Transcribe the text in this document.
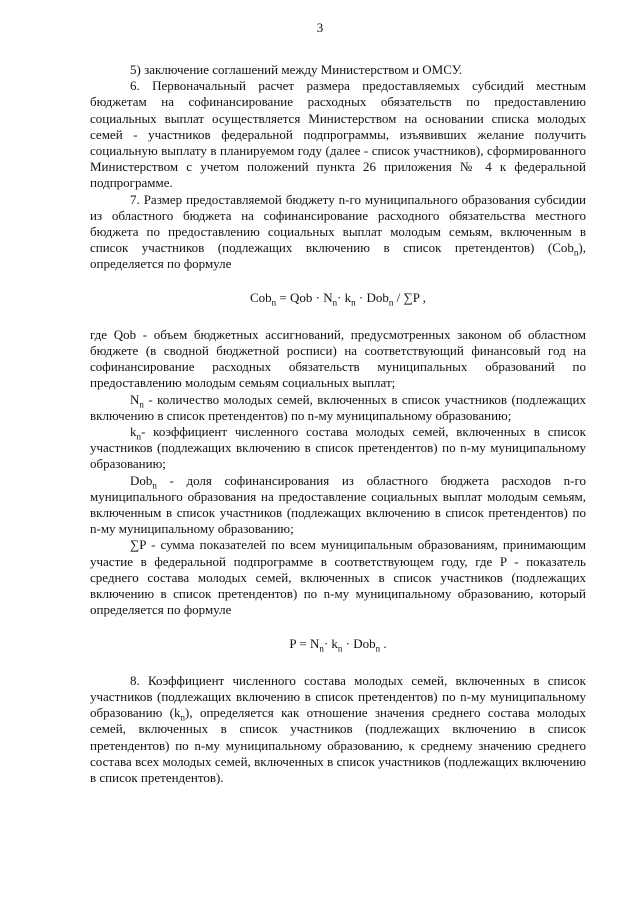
3

5) заключение соглашений между Министерством и ОМСУ.

6. Первоначальный расчет размера предоставляемых субсидий местным бюджетам на софинансирование расходных обязательств по предоставлению социальных выплат осуществляется Министерством на основании списка молодых семей - участников федеральной подпрограммы, изъявивших желание получить социальную выплату в планируемом году (далее - список участников), сформированного Министерством с учетом положений пункта 26 приложения № 4 к федеральной подпрограмме.

7. Размер предоставляемой бюджету n-го муниципального образования субсидии из областного бюджета на софинансирование расходного обязательства местного бюджета по предоставлению социальных выплат молодым семьям, включенным в список участников (подлежащих включению в список претендентов) (Cob$_n$), определяется по формуле

Cob$_n$ = Qob · $N_n\cdot k_n \cdot Dob_n / \sum P$ ,

где Qob - объем бюджетных ассигнований, предусмотренных законом об областном бюджете (в сводной бюджетной росписи) на соответствующий финансовый год на софинансирование расходных обязательств муниципальных образований по предоставлению молодым семьям социальных выплат;

$N_n$ - количество молодых семей, включенных в список участников (подлежащих включению в список претендентов) по n-му муниципальному образованию;

$k_n-$ коэффициент численного состава молодых семей, включенных в список участников (подлежащих включению в список претендентов) по n-му муниципальному образованию;

Dob$_n$ - доля софинансирования из областного бюджета расходов n-го муниципального образования на предоставление социальных выплат молодым семьям, включенным в список участников (подлежащих включению в список претендентов) по n-му муниципальному образованию;

∑P - сумма показателей по всем муниципальным образованиям, принимающим участие в федеральной подпрограмме в соответствующем году, где P - показатель среднего состава молодых семей, включенных в список участников (подлежащих включению в список претендентов) по n-му муниципальному образованию, который определяется по формуле

$P = N_n\cdot k_n \cdot Dob_n$ .

8. Коэффициент численного состава молодых семей, включенных в список участников (подлежащих включению в список претендентов) по n-му муниципальному образованию $(k_n)$, определяется как отношение значения среднего состава молодых семей, включенных в список участников (подлежащих включению в список претендентов) по n-му муниципальному образованию, к среднему значению среднего состава всех молодых семей, включенных в список участников (подлежащих включению в список претендентов).
